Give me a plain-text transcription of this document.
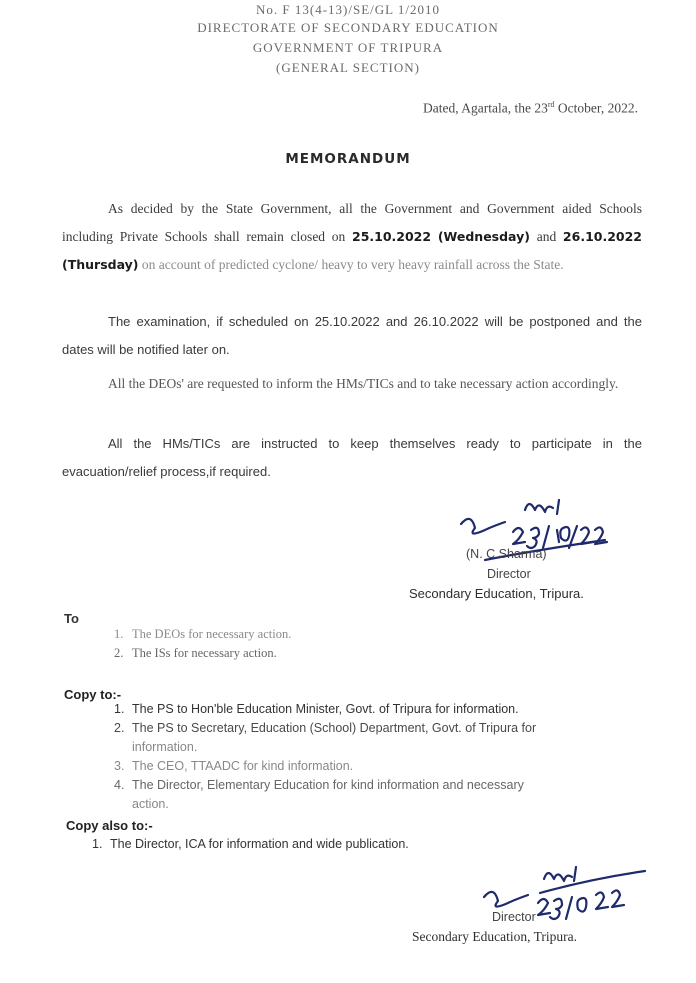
No. F 13(4-13)/SE/GL 1/2010
DIRECTORATE OF SECONDARY EDUCATION
GOVERNMENT OF TRIPURA
(GENERAL SECTION)
Dated, Agartala, the 23rd October, 2022.
MEMORANDUM
As decided by the State Government, all the Government and Government aided Schools including Private Schools shall remain closed on 25.10.2022 (Wednesday) and 26.10.2022 (Thursday) on account of predicted cyclone/ heavy to very heavy rainfall across the State.
The examination, if scheduled on 25.10.2022 and 26.10.2022 will be postponed and the dates will be notified later on.
All the DEOs' are requested to inform the HMs/TICs and to take necessary action accordingly.
All the HMs/TICs are instructed to keep themselves ready to participate in the evacuation/relief process,if required.
(N. C Sharma)
Director
Secondary Education, Tripura.
To
1. The DEOs for necessary action.
2. The ISs for necessary action.
Copy to:-
1. The PS to Hon'ble Education Minister, Govt. of Tripura for information.
2. The PS to Secretary, Education (School) Department, Govt. of Tripura for
information.
3. The CEO, TTAADC for kind information.
4. The Director, Elementary Education for kind information and necessary
action.
Copy also to:-
1. The Director, ICA for information and wide publication.
Director
Secondary Education, Tripura.
